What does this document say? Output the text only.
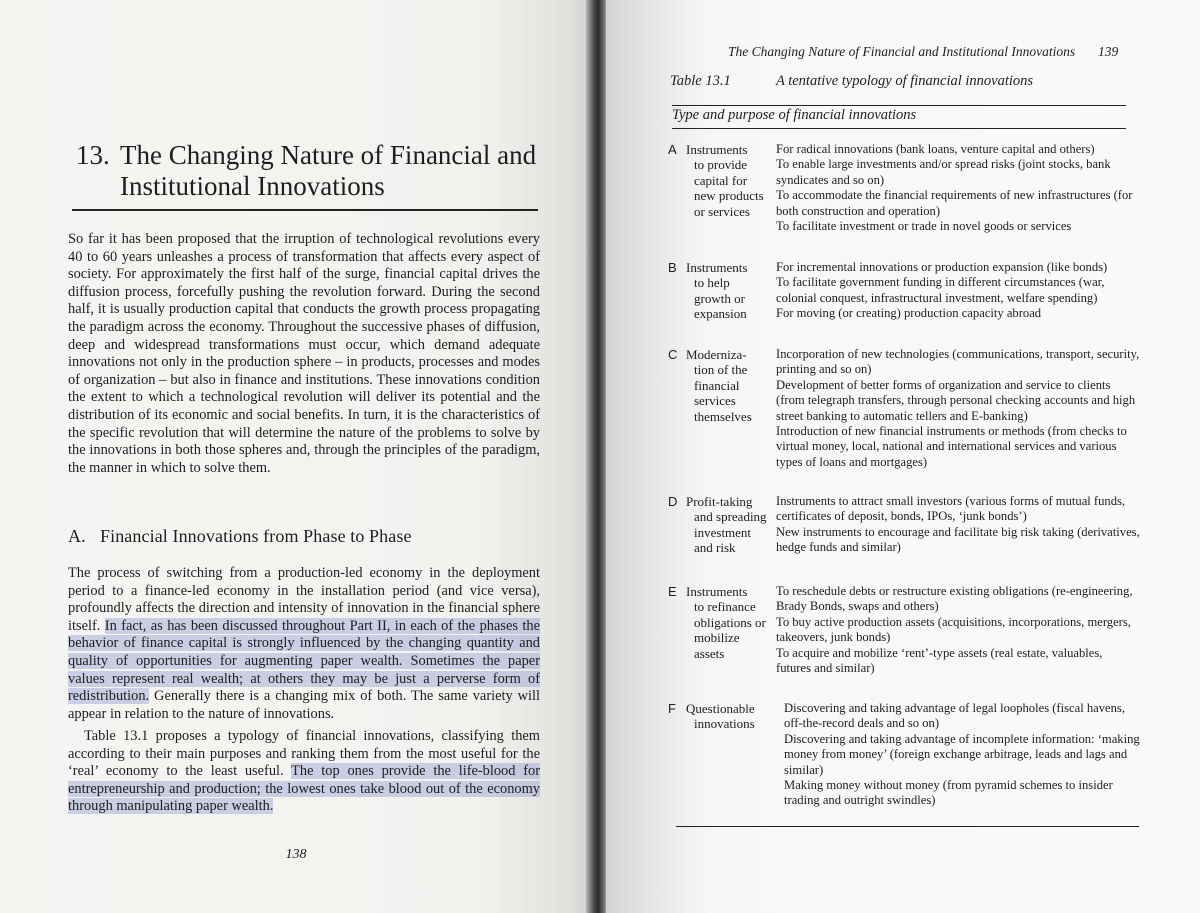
13. The Changing Nature of Financial and
Institutional Innovations

So far it has been proposed that the irruption of technological revolutions every 40 to 60 years unleashes a process of transformation that affects every aspect of society. For approximately the first half of the surge, financial capital drives the diffusion process, forcefully pushing the revolution forward. During the second half, it is usually production capital that conducts the growth process propagating the paradigm across the economy. Throughout the successive phases of diffusion, deep and widespread transformations must occur, which demand adequate innovations not only in the production sphere – in products, processes and modes of organization – but also in finance and institutions. These innovations condition the extent to which a technological revolution will deliver its potential and the distribution of its economic and social benefits. In turn, it is the characteristics of the specific revolution that will determine the nature of the problems to solve by the innovations in both those spheres and, through the principles of the paradigm, the manner in which to solve them.

A. Financial Innovations from Phase to Phase

The process of switching from a production-led economy in the deployment period to a finance-led economy in the installation period (and vice versa), profoundly affects the direction and intensity of innovation in the financial sphere itself. In fact, as has been discussed throughout Part II, in each of the phases the behavior of finance capital is strongly influenced by the changing quantity and quality of opportunities for augmenting paper wealth. Sometimes the paper values represent real wealth; at others they may be just a perverse form of redistribution. Generally there is a changing mix of both. The same variety will appear in relation to the nature of innovations.

Table 13.1 proposes a typology of financial innovations, classifying them according to their main purposes and ranking them from the most useful for the ‘real’ economy to the least useful. The top ones provide the life-blood for entrepreneurship and production; the lowest ones take blood out of the economy through manipulating paper wealth.

138
The Changing Nature of Financial and Institutional Innovations 139
Table 13.1	A tentative typology of financial innovations
Type and purpose of financial innovations
A Instruments
to provide
capital for
new products
or services

For radical innovations (bank loans, venture capital and others)

To enable large investments and/or spread risks (joint stocks, bank syndicates and so on)

To accommodate the financial requirements of new infrastructures (for both construction and operation)

To facilitate investment or trade in novel goods or services

B Instruments
to help
growth or
expansion

For incremental innovations or production expansion (like bonds)

To facilitate government funding in different circumstances (war, colonial conquest, infrastructural investment, welfare spending)

For moving (or creating) production capacity abroad

C Moderniza-
tion of the
financial
services
themselves

Incorporation of new technologies (communications, transport, security, printing and so on)

Development of better forms of organization and service to clients (from telegraph transfers, through personal checking accounts and high street banking to automatic tellers and E-banking)

Introduction of new financial instruments or methods (from checks to virtual money, local, national and international services and various types of loans and mortgages)

D Profit-taking
and spreading
investment
and risk

Instruments to attract small investors (various forms of mutual funds, certificates of deposit, bonds, IPOs, ‘junk bonds’)

New instruments to encourage and facilitate big risk taking (derivatives, hedge funds and similar)

E Instruments
to refinance
obligations or
mobilize
assets

To reschedule debts or restructure existing obligations (re-engineering, Brady Bonds, swaps and others)

To buy active production assets (acquisitions, incorporations, mergers, takeovers, junk bonds)

To acquire and mobilize ‘rent’-type assets (real estate, valuables, futures and similar)

F Questionable
innovations

Discovering and taking advantage of legal loopholes (fiscal havens, off-the-record deals and so on)

Discovering and taking advantage of incomplete information: ‘making money from money’ (foreign exchange arbitrage, leads and lags and similar)

Making money without money (from pyramid schemes to insider trading and outright swindles)
